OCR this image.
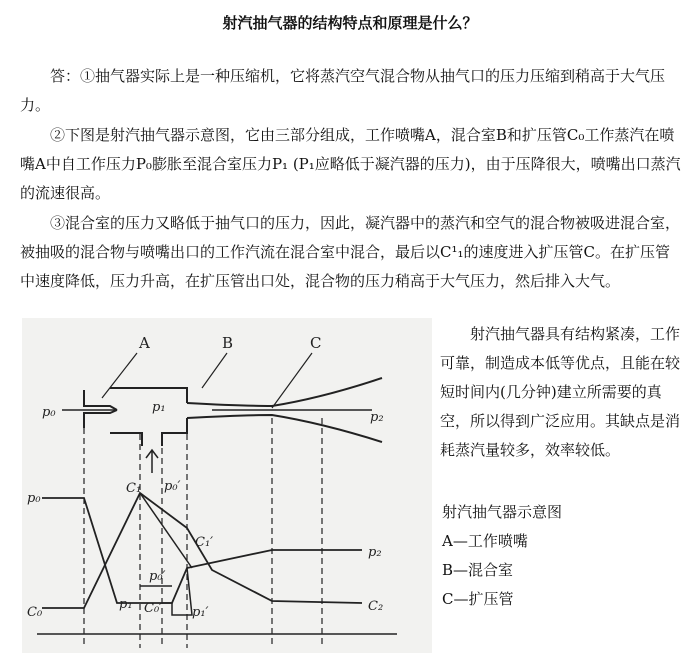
射汽抽气器的结构特点和原理是什么？

答：①抽气器实际上是一种压缩机，它将蒸汽空气混合物从抽气口的压力压缩到稍高于大气压力。

②下图是射汽抽气器示意图，它由三部分组成，工作喷嘴A，混合室B和扩压管C₀工作蒸汽在喷嘴A中自工作压力P₀膨胀至混合室压力P₁ (P₁应略低于凝汽器的压力)，由于压降很大，喷嘴出口蒸汽的流速很高。

③混合室的压力又略低于抽气口的压力，因此，凝汽器中的蒸汽和空气的混合物被吸进混合室，被抽吸的混合物与喷嘴出口的工作汽流在混合室中混合，最后以C¹₁的速度进入扩压管C。在扩压管中速度降低，压力升高，在扩压管出口处，混合物的压力稍高于大气压力，然后排入大气。

射汽抽气器具有结构紧凑，工作可靠，制造成本低等优点，且能在较短时间内(几分钟)建立所需要的真空，所以得到广泛应用。其缺点是消耗蒸汽量较多，效率较低。
射汽抽气器示意图
A—工作喷嘴
B—混合室
C—扩压管
A	B	C
p₀	p₁
p₂
p₀′
p₀
C₁
C₁′
p₀′
p₁ C₀′ p₁′
p₂
C₀	C₂
